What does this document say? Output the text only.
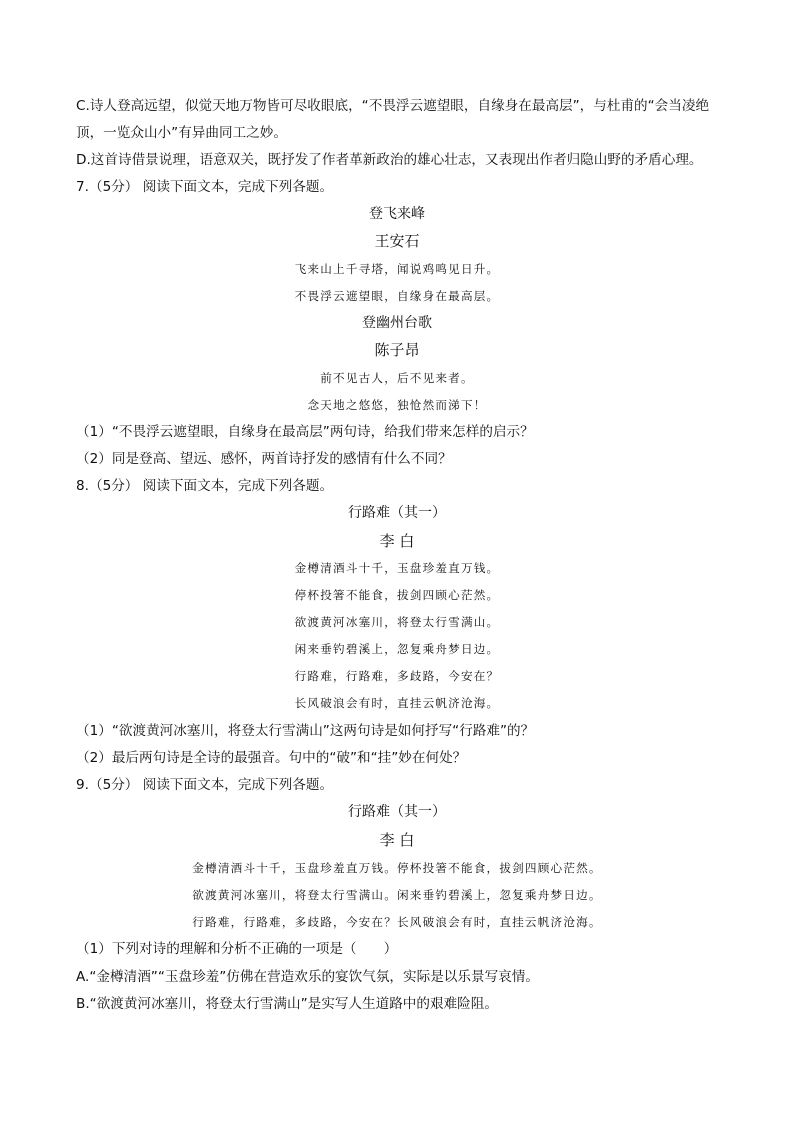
C.诗人登高远望，似觉天地万物皆可尽收眼底，“不畏浮云遮望眼，自缘身在最高层”，与杜甫的“会当凌绝
顶，一览众山小”有异曲同工之妙。
D.这首诗借景说理，语意双关，既抒发了作者革新政治的雄心壮志，又表现出作者归隐山野的矛盾心理。
7.（5分） 阅读下面文本，完成下列各题。
登飞来峰
王安石
飞来山上千寻塔，闻说鸡鸣见日升。
不畏浮云遮望眼，自缘身在最高层。
登幽州台歌
陈子昂
前不见古人，后不见来者。
念天地之悠悠，独怆然而涕下！
（1）“不畏浮云遮望眼，自缘身在最高层”两句诗，给我们带来怎样的启示？
（2）同是登高、望远、感怀，两首诗抒发的感情有什么不同？
8.（5分） 阅读下面文本，完成下列各题。
行路难（其一）
李 白
金樽清酒斗十千，玉盘珍羞直万钱。
停杯投箸不能食，拔剑四顾心茫然。
欲渡黄河冰塞川，将登太行雪满山。
闲来垂钓碧溪上，忽复乘舟梦日边。
行路难，行路难，多歧路，今安在？
长风破浪会有时，直挂云帆济沧海。
（1）“欲渡黄河冰塞川，将登太行雪满山”这两句诗是如何抒写“行路难”的？
（2）最后两句诗是全诗的最强音。句中的“破”和“挂”妙在何处？
9.（5分） 阅读下面文本，完成下列各题。
行路难（其一）
李 白
金樽清酒斗十千，玉盘珍羞直万钱。停杯投箸不能食，拔剑四顾心茫然。
欲渡黄河冰塞川，将登太行雪满山。闲来垂钓碧溪上，忽复乘舟梦日边。
行路难，行路难，多歧路，今安在？长风破浪会有时，直挂云帆济沧海。
（1）下列对诗的理解和分析不正确的一项是（　　）
A.“金樽清酒”“玉盘珍羞”仿佛在营造欢乐的宴饮气氛，实际是以乐景写哀情。
B.“欲渡黄河冰塞川，将登太行雪满山”是实写人生道路中的艰难险阻。
